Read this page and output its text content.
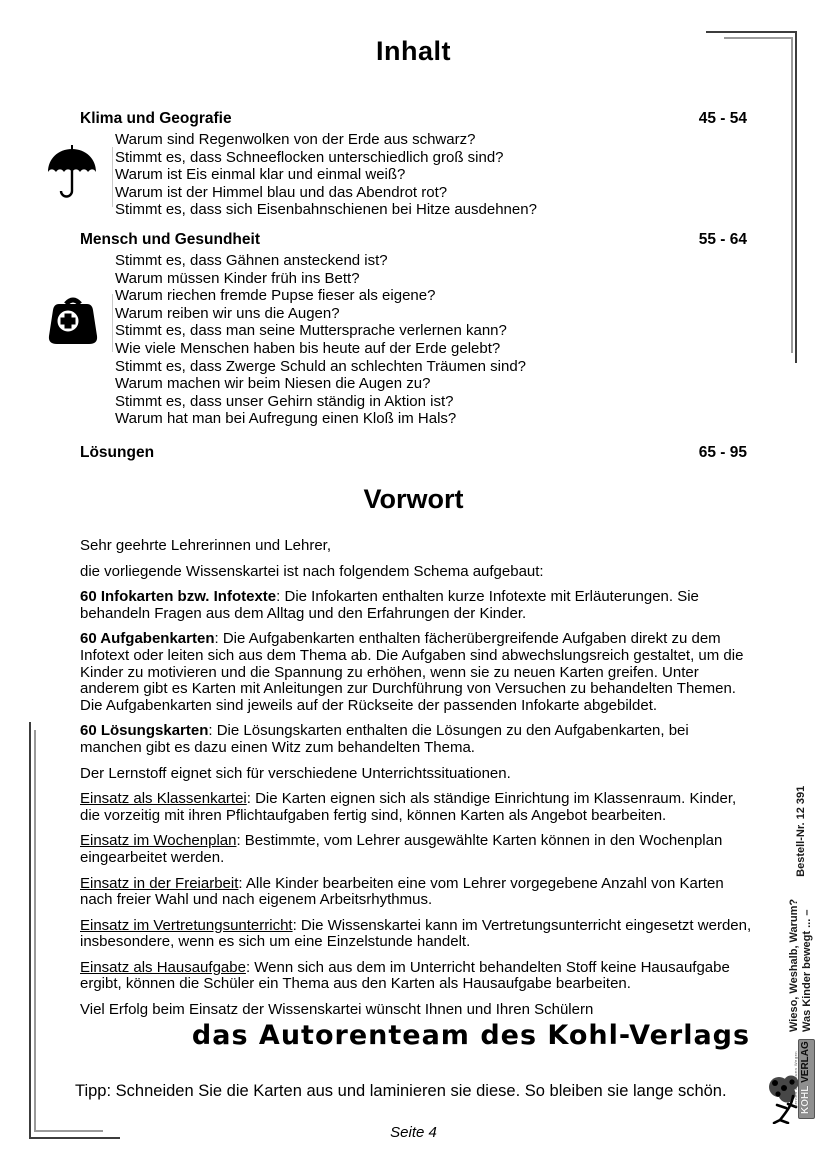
Inhalt
Klima und Geografie	45 - 54
Warum sind Regenwolken von der Erde aus schwarz?
Stimmt es, dass Schneeflocken unterschiedlich groß sind?
Warum ist Eis einmal klar und einmal weiß?
Warum ist der Himmel blau und das Abendrot rot?
Stimmt es, dass sich Eisenbahnschienen bei Hitze ausdehnen?
Mensch und Gesundheit	55 - 64
Stimmt es, dass Gähnen ansteckend ist?
Warum müssen Kinder früh ins Bett?
Warum riechen fremde Pupse fieser als eigene?
Warum reiben wir uns die Augen?
Stimmt es, dass man seine Muttersprache verlernen kann?
Wie viele Menschen haben bis heute auf der Erde gelebt?
Stimmt es, dass Zwerge Schuld an schlechten Träumen sind?
Warum machen wir beim Niesen die Augen zu?
Stimmt es, dass unser Gehirn ständig in Aktion ist?
Warum hat man bei Aufregung einen Kloß im Hals?
Lösungen	65 - 95
Vorwort

Sehr geehrte Lehrerinnen und Lehrer,

die vorliegende Wissenskartei ist nach folgendem Schema aufgebaut:

60 Infokarten bzw. Infotexte: Die Infokarten enthalten kurze Infotexte mit Erläuterungen. Sie behandeln Fragen aus dem Alltag und den Erfahrungen der Kinder.

60 Aufgabenkarten: Die Aufgabenkarten enthalten fächerübergreifende Aufgaben direkt zu dem Infotext oder leiten sich aus dem Thema ab. Die Aufgaben sind abwechslungsreich gestaltet, um die Kinder zu motivieren und die Spannung zu erhöhen, wenn sie zu neuen Karten greifen. Unter anderem gibt es Karten mit Anleitungen zur Durchführung von Versuchen zu behandelten Themen. Die Aufgabenkarten sind jeweils auf der Rückseite der passenden Infokarte abgebildet.

60 Lösungskarten: Die Lösungskarten enthalten die Lösungen zu den Aufgabenkarten, bei manchen gibt es dazu einen Witz zum behandelten Thema.

Der Lernstoff eignet sich für verschiedene Unterrichtssituationen.

Einsatz als Klassenkartei: Die Karten eignen sich als ständige Einrichtung im Klassenraum. Kinder, die vorzeitig mit ihren Pflichtaufgaben fertig sind, können Karten als Angebot bearbeiten.

Einsatz im Wochenplan: Bestimmte, vom Lehrer ausgewählte Karten können in den Wochenplan eingearbeitet werden.

Einsatz in der Freiarbeit: Alle Kinder bearbeiten eine vom Lehrer vorgegebene Anzahl von Karten nach freier Wahl und nach eigenem Arbeitsrhythmus.

Einsatz im Vertretungsunterricht: Die Wissenskartei kann im Vertretungsunterricht eingesetzt werden, insbesondere, wenn es sich um eine Einzelstunde handelt.

Einsatz als Hausaufgabe: Wenn sich aus dem im Unterricht behandelten Stoff keine Hausaufgabe ergibt, können die Schüler ein Thema aus den Karten als Hausaufgabe bearbeiten.

Viel Erfolg beim Einsatz der Wissenskartei wünscht Ihnen und Ihren Schülern

das Autorenteam des Kohl-Verlags
Tipp: Schneiden Sie die Karten aus und laminieren sie diese. So bleiben sie lange schön.
Seite 4
Wieso, Weshalb, Warum? Was Kinder bewegt ... –
Bestell-Nr. 12 391
Lernen auf neuen Wegen KOHL VERLAG
